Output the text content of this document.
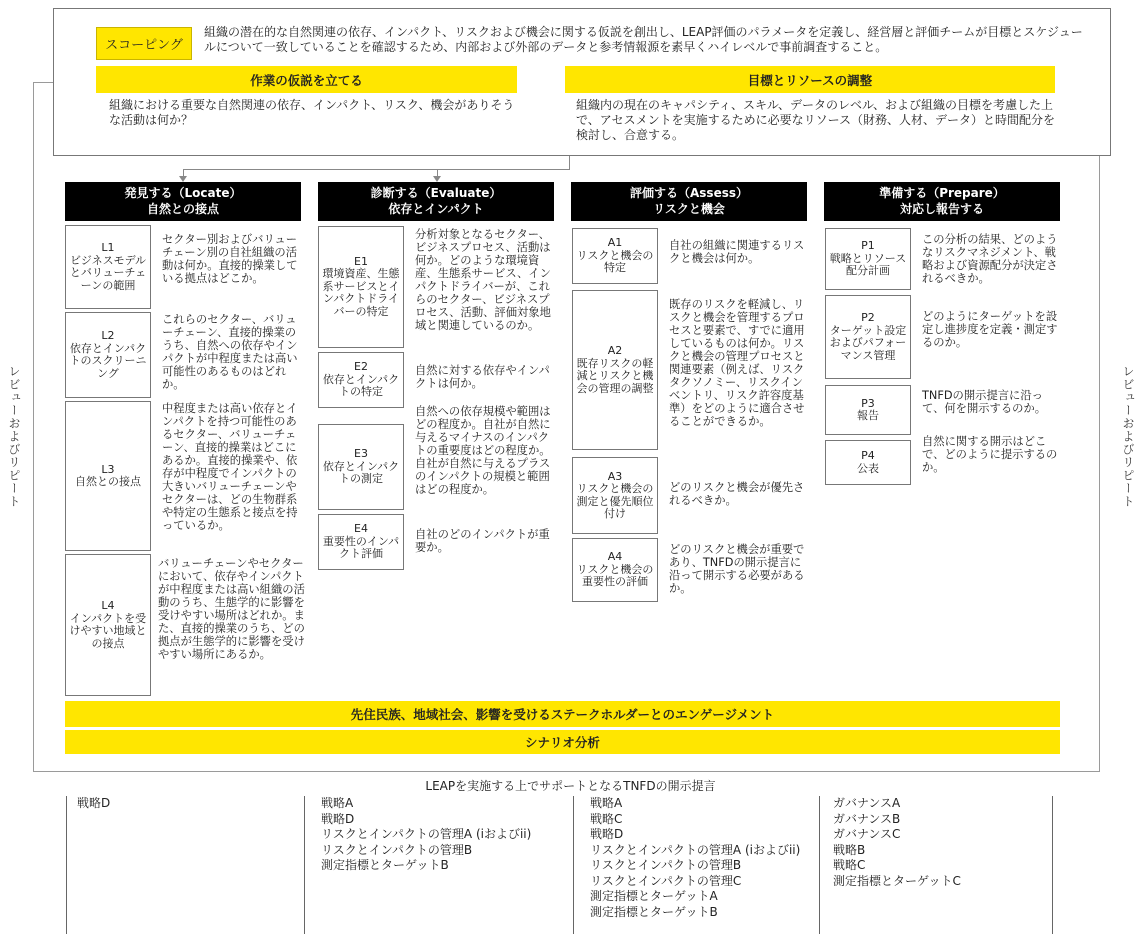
レビューおよびリピート	レビューおよびリピート
スコーピング
組織の潜在的な自然関連の依存、インパクト、リスクおよび機会に関する仮説を創出し、LEAP評価のパラメータを定義し、経営層と評価チームが目標とスケジュールについて一致していることを確認するため、内部および外部のデータと参考情報源を素早くハイレベルで事前調査すること。
作業の仮説を立てる
組織における重要な自然関連の依存、インパクト、リスク、機会がありそうな活動は何か？
目標とリソースの調整
組織内の現在のキャパシティ、スキル、データのレベル、および組織の目標を考慮した上で、アセスメントを実施するために必要なリソース（財務、人材、データ）と時間配分を検討し、合意する。
発見する（Locate）
自然との接点
診断する（Evaluate）
依存とインパクト
評価する（Assess）
リスクと機会
準備する（Prepare）
対応し報告する
L1
ビジネスモデルとバリューチェーンの範囲
セクター別およびバリューチェーン別の自社組織の活動は何か。直接的操業している拠点はどこか。
L2
依存とインパクトのスクリーニング
これらのセクター、バリューチェーン、直接的操業のうち、自然への依存やインパクトが中程度または高い可能性のあるものはどれか。
L3
自然との接点
中程度または高い依存とインパクトを持つ可能性のあるセクター、バリューチェーン、直接的操業はどこにあるか。直接的操業や、依存が中程度でインパクトの大きいバリューチェーンやセクターは、どの生物群系や特定の生態系と接点を持っているか。
L4
インパクトを受けやすい地域との接点
バリューチェーンやセクターにおいて、依存やインパクトが中程度または高い組織の活動のうち、生態学的に影響を受けやすい場所はどれか。また、直接的操業のうち、どの拠点が生態学的に影響を受けやすい場所にあるか。
E1
環境資産、生態系サービスとインパクトドライバーの特定
分析対象となるセクター、ビジネスプロセス、活動は何か。どのような環境資産、生態系サービス、インパクトドライバーが、これらのセクター、ビジネスプロセス、活動、評価対象地域と関連しているのか。
E2
依存とインパクトの特定
自然に対する依存やインパクトは何か。
E3
依存とインパクトの測定
自然への依存規模や範囲はどの程度か。自社が自然に与えるマイナスのインパクトの重要度はどの程度か。自社が自然に与えるプラスのインパクトの規模と範囲はどの程度か。
E4
重要性のインパクト評価
自社のどのインパクトが重要か。
A1
リスクと機会の特定
自社の組織に関連するリスクと機会は何か。
A2
既存リスクの軽減とリスクと機会の管理の調整
既存のリスクを軽減し、リスクと機会を管理するプロセスと要素で、すでに適用しているものは何か。リスクと機会の管理プロセスと関連要素（例えば、リスクタクソノミー、リスクインベントリ、リスク許容度基準）をどのように適合させることができるか。
A3
リスクと機会の測定と優先順位付け
どのリスクと機会が優先されるべきか。
A4
リスクと機会の重要性の評価
どのリスクと機会が重要であり、TNFDの開示提言に沿って開示する必要があるか。
P1
戦略とリソース配分計画
この分析の結果、どのようなリスクマネジメント、戦略および資源配分が決定されるべきか。
P2
ターゲット設定およびパフォーマンス管理
どのようにターゲットを設定し進捗度を定義・測定するのか。
P3
報告
TNFDの開示提言に沿って、何を開示するのか。
P4
公表
自然に関する開示はどこで、どのように提示するのか。
先住民族、地域社会、影響を受けるステークホルダーとのエンゲージメント
シナリオ分析
LEAPを実施する上でサポートとなるTNFDの開示提言
戦略D	戦略A
戦略D
リスクとインパクトの管理A (iおよびii)
リスクとインパクトの管理B
測定指標とターゲットB
戦略A
戦略C
戦略D
リスクとインパクトの管理A (iおよびii)
リスクとインパクトの管理B
リスクとインパクトの管理C
測定指標とターゲットA
測定指標とターゲットB
ガバナンスA
ガバナンスB
ガバナンスC
戦略B
戦略C
測定指標とターゲットC
